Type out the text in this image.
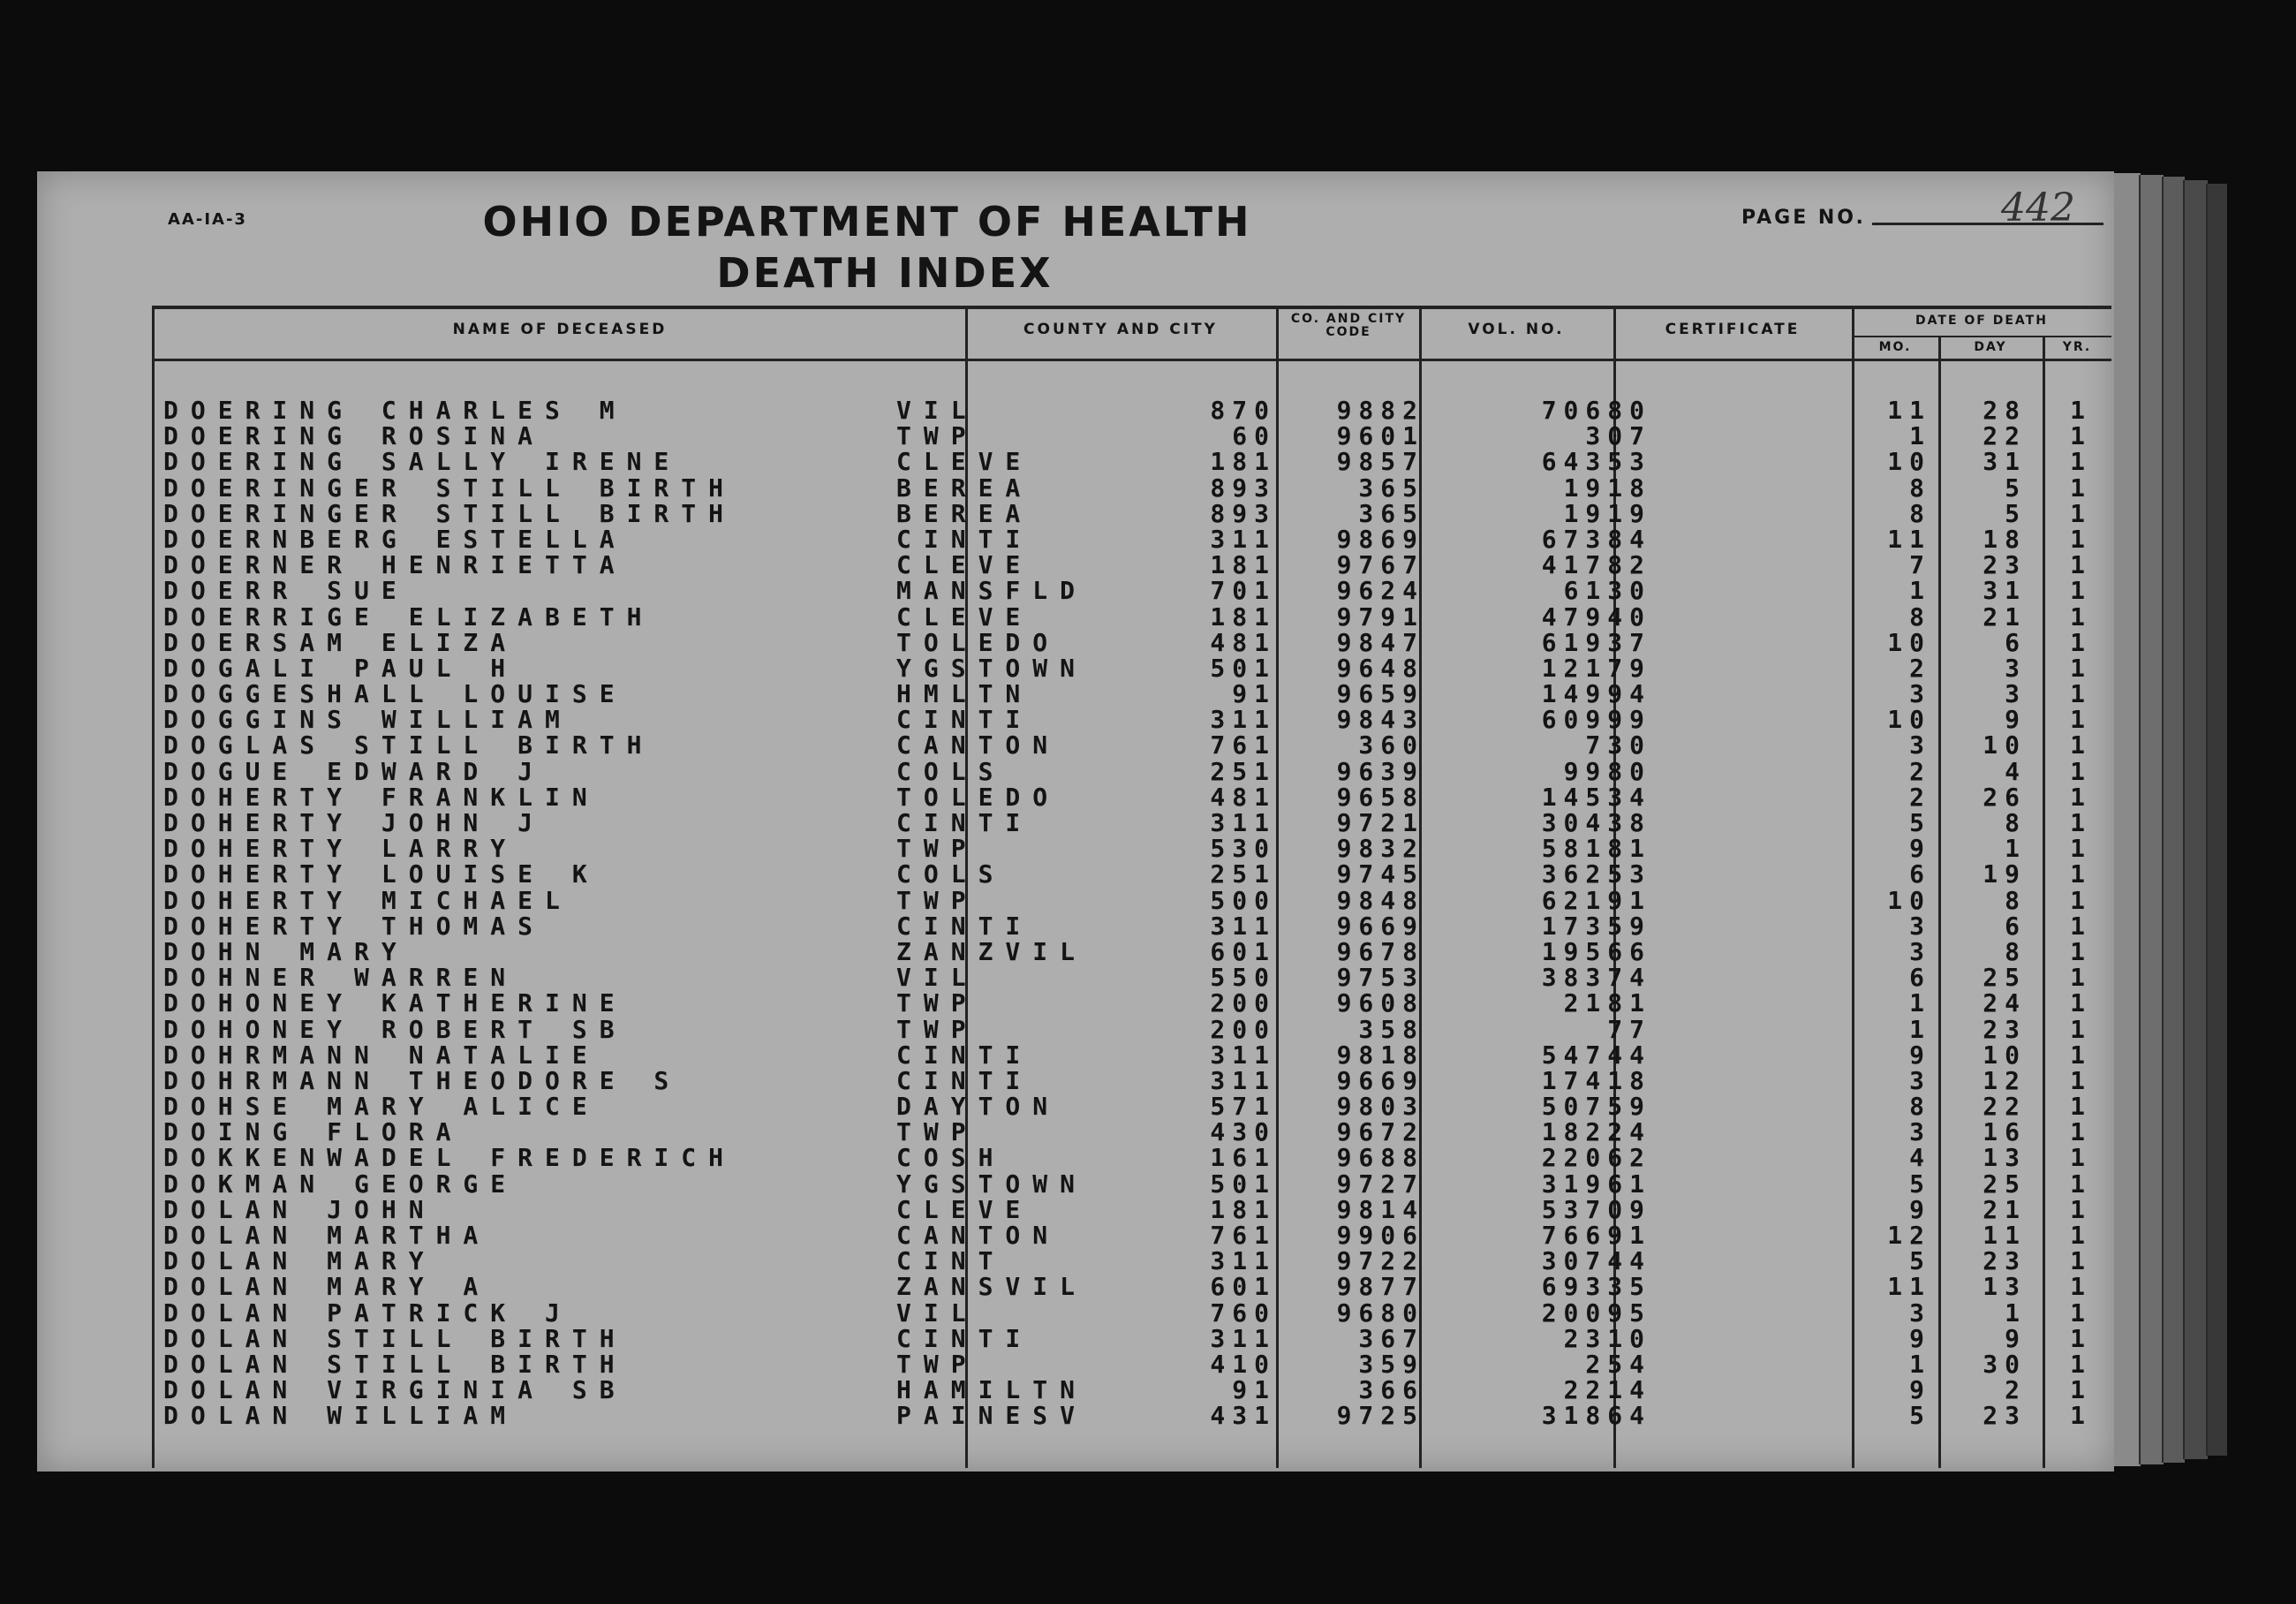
AA-IA-3	OHIO DEPARTMENT OF HEALTH
DEATH INDEX
PAGE NO.	442
NAME OF DECEASED	COUNTY AND CITY
CO. AND CITY CODE	VOL. NO.	CERTIFICATE	DATE OF DEATH
MO.	DAY	YR.
DOERING CHARLES M	VIL	870	9882	70680	11	28	1
DOERING ROSINA	TWP	60	9601	307	1	22	1
DOERING SALLY IRENE	CLEVE	181	9857	64353	10	31	1
DOERINGER STILL BIRTH	BEREA	893	365	1918	8	5	1
DOERINGER STILL BIRTH	BEREA	893	365	1919	8	5	1
DOERNBERG ESTELLA	CINTI	311	9869	67384	11	18	1
DOERNER HENRIETTA	CLEVE	181	9767	41782	7	23	1
DOERR SUE	MANSFLD	701	9624	6130	1	31	1
DOERRIGE ELIZABETH	CLEVE	181	9791	47940	8	21	1
DOERSAM ELIZA	TOLEDO	481	9847	61937	10	6	1
DOGALI PAUL H	YGSTOWN	501	9648	12179	2	3	1
DOGGESHALL LOUISE	HMLTN	91	9659	14994	3	3	1
DOGGINS WILLIAM	CINTI	311	9843	60999	10	9	1
DOGLAS STILL BIRTH	CANTON	761	360	730	3	10	1
DOGUE EDWARD J	COLS	251	9639	9980	2	4	1
DOHERTY FRANKLIN	TOLEDO	481	9658	14534	2	26	1
DOHERTY JOHN J	CINTI	311	9721	30438	5	8	1
DOHERTY LARRY	TWP	530	9832	58181	9	1	1
DOHERTY LOUISE K	COLS	251	9745	36253	6	19	1
DOHERTY MICHAEL	TWP	500	9848	62191	10	8	1
DOHERTY THOMAS	CINTI	311	9669	17359	3	6	1
DOHN MARY	ZANZVIL	601	9678	19566	3	8	1
DOHNER WARREN	VIL	550	9753	38374	6	25	1
DOHONEY KATHERINE	TWP	200	9608	2181	1	24	1
DOHONEY ROBERT SB	TWP	200	358	77	1	23	1
DOHRMANN NATALIE	CINTI	311	9818	54744	9	10	1
DOHRMANN THEODORE S	CINTI	311	9669	17418	3	12	1
DOHSE MARY ALICE	DAYTON	571	9803	50759	8	22	1
DOING FLORA	TWP	430	9672	18224	3	16	1
DOKKENWADEL FREDERICH	COSH	161	9688	22062	4	13	1
DOKMAN GEORGE	YGSTOWN	501	9727	31961	5	25	1
DOLAN JOHN	CLEVE	181	9814	53709	9	21	1
DOLAN MARTHA	CANTON	761	9906	76691	12	11	1
DOLAN MARY	CINT	311	9722	30744	5	23	1
DOLAN MARY A	ZANSVIL	601	9877	69335	11	13	1
DOLAN PATRICK J	VIL	760	9680	20095	3	1	1
DOLAN STILL BIRTH	CINTI	311	367	2310	9	9	1
DOLAN STILL BIRTH	TWP	410	359	254	1	30	1
DOLAN VIRGINIA SB	HAMILTN	91	366	2214	9	2	1
DOLAN WILLIAM	PAINESV	431	9725	31864	5	23	1
